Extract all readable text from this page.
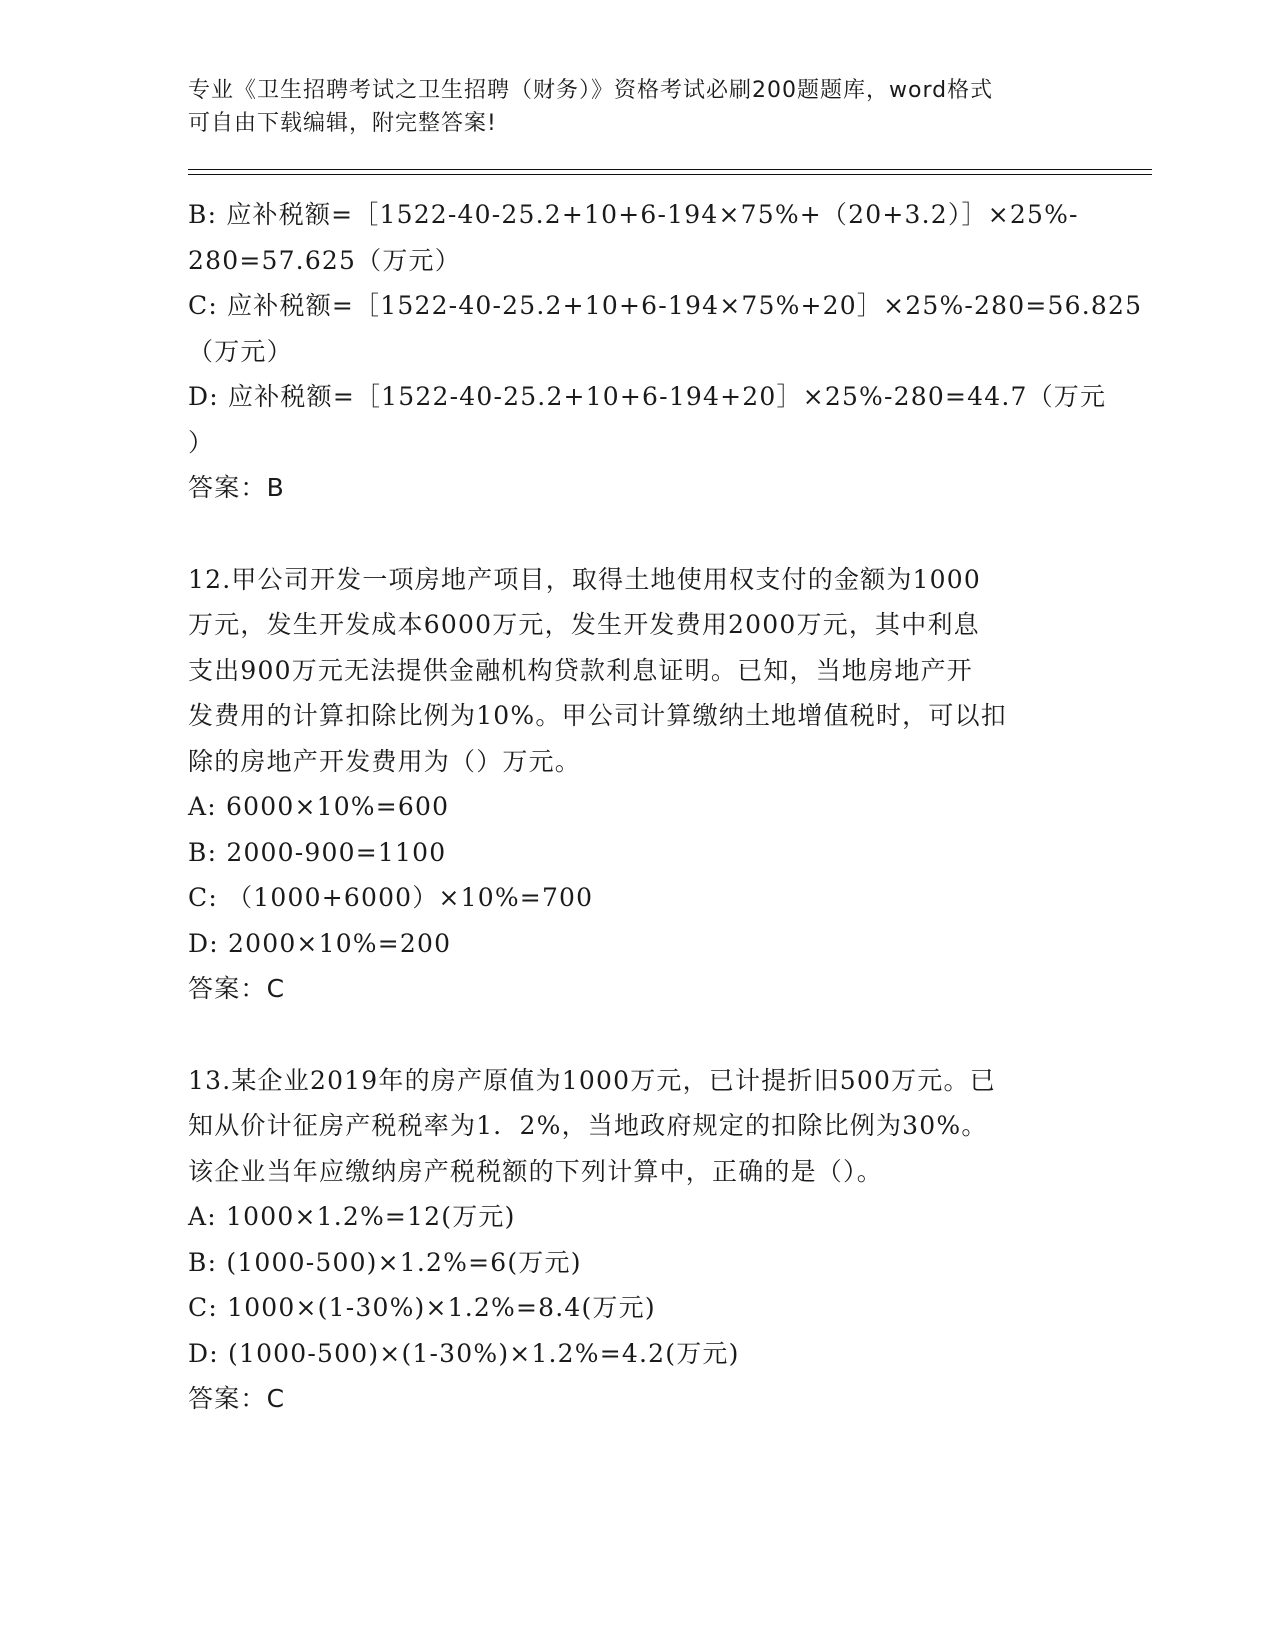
专业《卫生招聘考试之卫生招聘（财务）》资格考试必刷200题题库，word格式
可自由下载编辑，附完整答案!
B: 应补税额=［1522-40-25.2+10+6-194×75%+（20+3.2）］×25%-
280=57.625（万元）
C: 应补税额=［1522-40-25.2+10+6-194×75%+20］×25%-280=56.825
（万元）
D: 应补税额=［1522-40-25.2+10+6-194+20］×25%-280=44.7（万元
）
答案：B
12.甲公司开发一项房地产项目，取得土地使用权支付的金额为1000
万元，发生开发成本6000万元，发生开发费用2000万元，其中利息
支出900万元无法提供金融机构贷款利息证明。已知，当地房地产开
发费用的计算扣除比例为10%。甲公司计算缴纳土地增值税时，可以扣
除的房地产开发费用为（）万元。
A: 6000×10%=600
B: 2000-900=1100
C: （1000+6000）×10%=700
D: 2000×10%=200
答案：C
13.某企业2019年的房产原值为1000万元，已计提折旧500万元。已
知从价计征房产税税率为1．2%，当地政府规定的扣除比例为30%。
该企业当年应缴纳房产税税额的下列计算中，正确的是（）。
A: 1000×1.2%=12(万元)
B: (1000-500)×1.2%=6(万元)
C: 1000×(1-30%)×1.2%=8.4(万元)
D: (1000-500)×(1-30%)×1.2%=4.2(万元)
答案：C
